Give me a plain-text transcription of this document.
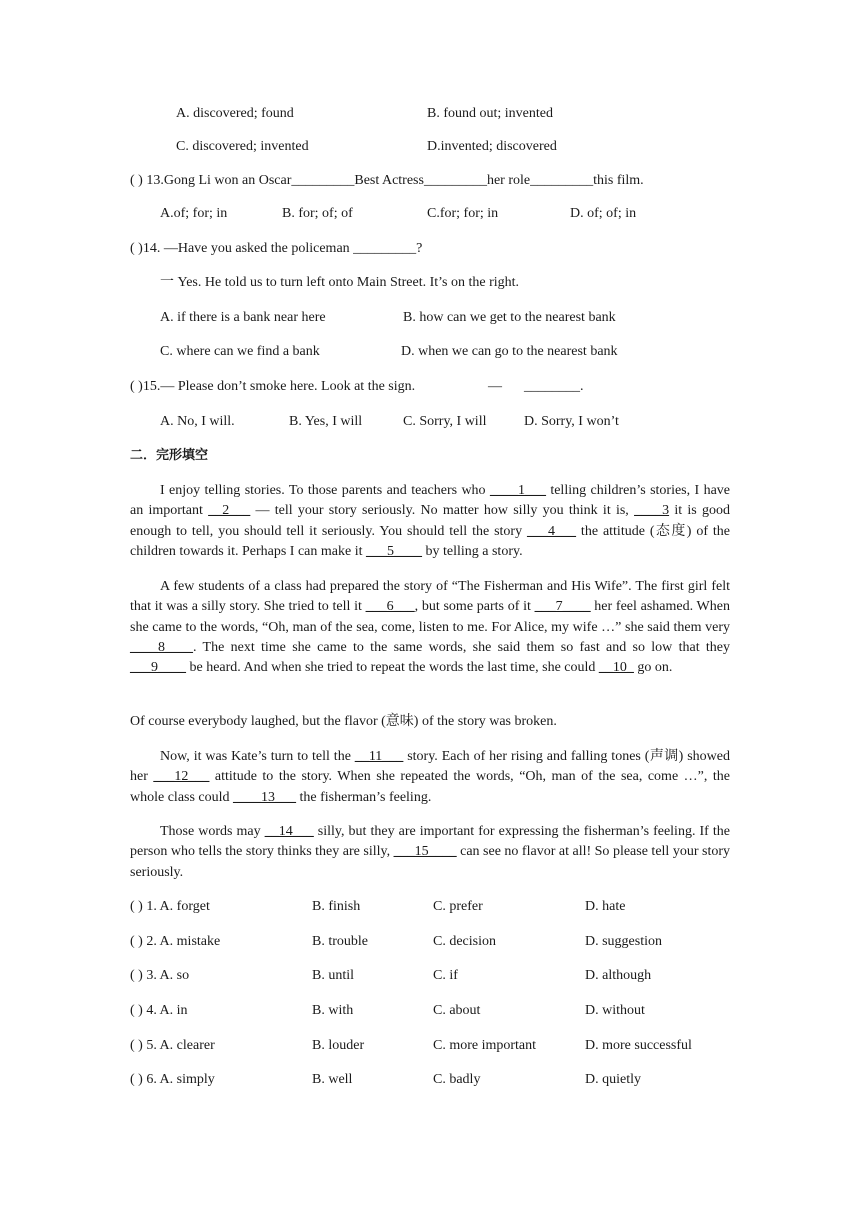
A. discovered; found	B. found out; invented
C. discovered; invented	D.invented; discovered
( ) 13.Gong Li won an Oscar_________Best Actress_________her role_________this film.
A.of; for; in	B. for; of; of	C.for; for; in	D. of; of; in
( )14. —Have you asked the policeman _________?
一 Yes. He told us to turn left onto Main Street. It’s on the right.
A. if there is a bank near here	B. how can we get to the nearest bank
C. where can we find a bank	D. when we can go to the nearest bank
( )15.— Please don’t smoke here. Look at the sign.	— ________.
A. No, I will.	B. Yes, I will	C. Sorry, I will	D. Sorry, I won’t
二．完形填空

I enjoy telling stories. To those parents and teachers who ____1___ telling children’s stories, I have an important __2___ — tell your story seriously. No matter how silly you think it is, ____3 it is good enough to tell, you should tell it seriously. You should tell the story ___4___ the attitude (态度) of the children towards it. Perhaps I can make it ___5____ by telling a story.

A few students of a class had prepared the story of “The Fisherman and His Wife”. The first girl felt that it was a silly story. She tried to tell it ___6___, but some parts of it ___7____ her feel ashamed. When she came to the words, “Oh, man of the sea, come, listen to me. For Alice, my wife …” she said them very ____8____. The next time she came to the same words, she said them so fast and so low that they ___9____ be heard. And when she tried to repeat the words the last time, she could __10_ go on.

Of course everybody laughed, but the flavor (意味) of the story was broken.

Now, it was Kate’s turn to tell the __11___ story. Each of her rising and falling tones (声调) showed her ___12___ attitude to the story. When she repeated the words, “Oh, man of the sea, come …”, the whole class could ____13___ the fisherman’s feeling.

Those words may __14___ silly, but they are important for expressing the fisherman’s feeling. If the person who tells the story thinks they are silly, ___15____ can see no flavor at all! So please tell your story seriously.

( ) 1. A. forget	B. finish	C. prefer	D. hate
( ) 2. A. mistake	B. trouble	C. decision	D. suggestion
( ) 3. A. so	B. until	C. if	D. although
( ) 4. A. in	B. with	C. about	D. without
( ) 5. A. clearer	B. louder	C. more important	D. more successful
( ) 6. A. simply	B. well	C. badly	D. quietly
